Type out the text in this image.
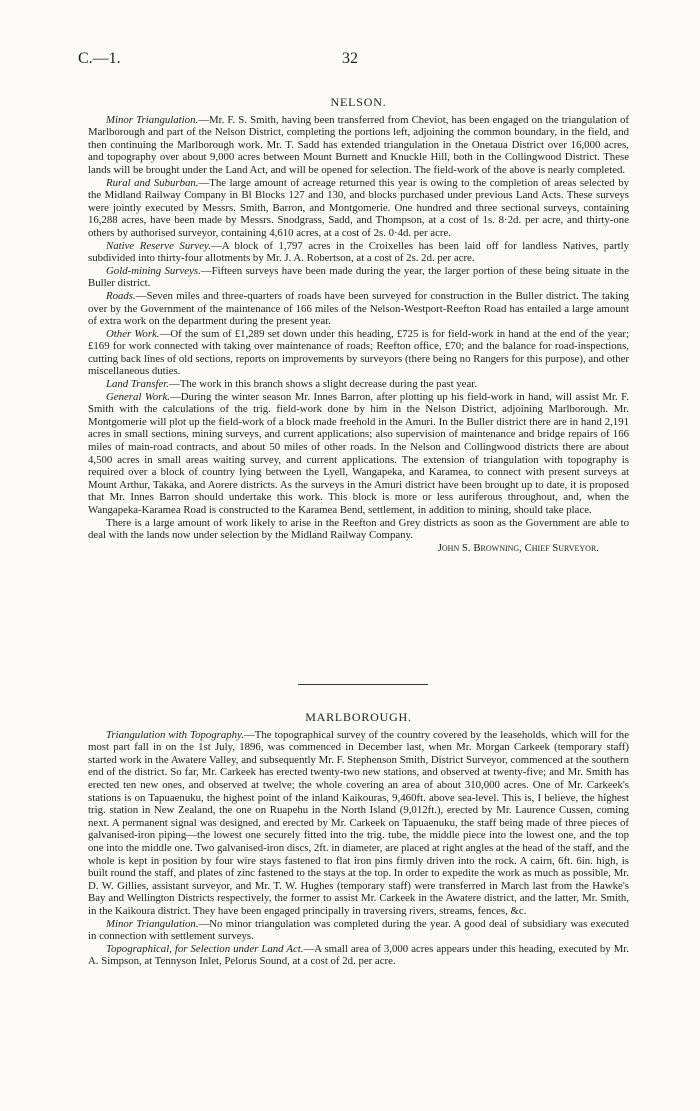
C.—1.	32
NELSON.

Minor Triangulation.—Mr. F. S. Smith, having been transferred from Cheviot, has been engaged on the triangulation of Marlborough and part of the Nelson District, completing the portions left, adjoining the common boundary, in the field, and then continuing the Marlborough work. Mr. T. Sadd has extended triangulation in the Onetaua District over 16,000 acres, and topography over about 9,000 acres between Mount Burnett and Knuckle Hill, both in the Collingwood District. These lands will be brought under the Land Act, and will be opened for selection. The field-work of the above is nearly completed.

Rural and Suburban.—The large amount of acreage returned this year is owing to the completion of areas selected by the Midland Railway Company in Bl Blocks 127 and 130, and blocks purchased under previous Land Acts. These surveys were jointly executed by Messrs. Smith, Barron, and Montgomerie. One hundred and three sectional surveys, containing 16,288 acres, have been made by Messrs. Snodgrass, Sadd, and Thompson, at a cost of 1s. 8·2d. per acre, and thirty-one others by authorised surveyor, containing 4,610 acres, at a cost of 2s. 0·4d. per acre.

Native Reserve Survey.—A block of 1,797 acres in the Croixelles has been laid off for landless Natives, partly subdivided into thirty-four allotments by Mr. J. A. Robertson, at a cost of 2s. 2d. per acre.

Gold-mining Surveys.—Fifteen surveys have been made during the year, the larger portion of these being situate in the Buller district.

Roads.—Seven miles and three-quarters of roads have been surveyed for construction in the Buller district. The taking over by the Government of the maintenance of 166 miles of the Nelson-Westport-Reefton Road has entailed a large amount of extra work on the department during the present year.

Other Work.—Of the sum of £1,289 set down under this heading, £725 is for field-work in hand at the end of the year; £169 for work connected with taking over maintenance of roads; Reefton office, £70; and the balance for road-inspections, cutting back lines of old sections, reports on improvements by surveyors (there being no Rangers for this purpose), and other miscellaneous duties.

Land Transfer.—The work in this branch shows a slight decrease during the past year.

General Work.—During the winter season Mr. Innes Barron, after plotting up his field-work in hand, will assist Mr. F. Smith with the calculations of the trig. field-work done by him in the Nelson District, adjoining Marlborough. Mr. Montgomerie will plot up the field-work of a block made freehold in the Amuri. In the Buller district there are in hand 2,191 acres in small sections, mining surveys, and current applications; also supervision of maintenance and bridge repairs of 166 miles of main-road contracts, and about 50 miles of other roads. In the Nelson and Collingwood districts there are about 4,500 acres in small areas waiting survey, and current applications. The extension of triangulation with topography is required over a block of country lying between the Lyell, Wangapeka, and Karamea, to connect with present surveys at Mount Arthur, Takaka, and Aorere districts. As the surveys in the Amuri district have been brought up to date, it is proposed that Mr. Innes Barron should undertake this work. This block is more or less auriferous throughout, and, when the Wangapeka-Karamea Road is constructed to the Karamea Bend, settlement, in addition to mining, should take place.

There is a large amount of work likely to arise in the Reefton and Grey districts as soon as the Government are able to deal with the lands now under selection by the Midland Railway Company.

John S. Browning, Chief Surveyor.
MARLBOROUGH.

Triangulation with Topography.—The topographical survey of the country covered by the leaseholds, which will for the most part fall in on the 1st July, 1896, was commenced in December last, when Mr. Morgan Carkeek (temporary staff) started work in the Awatere Valley, and subsequently Mr. F. Stephenson Smith, District Surveyor, commenced at the southern end of the district. So far, Mr. Carkeek has erected twenty-two new stations, and observed at twenty-five; and Mr. Smith has erected ten new ones, and observed at twelve; the whole covering an area of about 310,000 acres. One of Mr. Carkeek's stations is on Tapuaenuku, the highest point of the inland Kaikouras, 9,460ft. above sea-level. This is, I believe, the highest trig. station in New Zealand, the one on Ruapehu in the North Island (9,012ft.), erected by Mr. Laurence Cussen, coming next. A permanent signal was designed, and erected by Mr. Carkeek on Tapuaenuku, the staff being made of three pieces of galvanised-iron piping—the lowest one securely fitted into the trig. tube, the middle piece into the lowest one, and the top one into the middle one. Two galvanised-iron discs, 2ft. in diameter, are placed at right angles at the head of the staff, and the whole is kept in position by four wire stays fastened to flat iron pins firmly driven into the rock. A cairn, 6ft. 6in. high, is built round the staff, and plates of zinc fastened to the stays at the top. In order to expedite the work as much as possible, Mr. D. W. Gillies, assistant surveyor, and Mr. T. W. Hughes (temporary staff) were transferred in March last from the Hawke's Bay and Wellington Districts respectively, the former to assist Mr. Carkeek in the Awatere district, and the latter, Mr. Smith, in the Kaikoura district. They have been engaged principally in traversing rivers, streams, fences, &c.

Minor Triangulation.—No minor triangulation was completed during the year. A good deal of subsidiary was executed in connection with settlement surveys.

Topographical, for Selection under Land Act.—A small area of 3,000 acres appears under this heading, executed by Mr. A. Simpson, at Tennyson Inlet, Pelorus Sound, at a cost of 2d. per acre.
